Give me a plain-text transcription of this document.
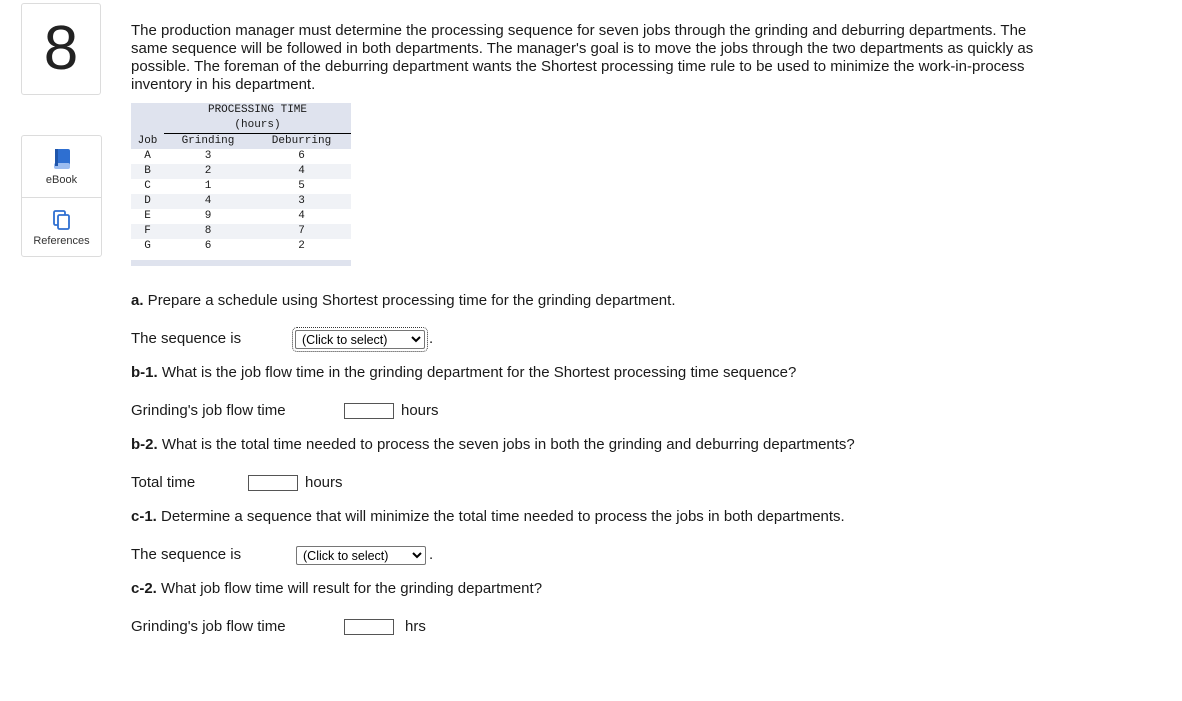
8
eBook
References

The production manager must determine the processing sequence for seven jobs through the grinding and deburring departments. The same sequence will be followed in both departments. The manager's goal is to move the jobs through the two departments as quickly as possible. The foreman of the deburring department wants the Shortest processing time rule to be used to minimize the work-in-process inventory in his department.

	PROCESSING TIME
(hours)	

Job	Grinding	Deburring
A	3	6
B	2	4
C	1	5
D	4	3
E	9	4
F	8	7
G	6	2

a. Prepare a schedule using Shortest processing time for the grinding department.
The sequence is
(Click to select)	.
b-1. What is the job flow time in the grinding department for the Shortest processing time sequence?
Grinding's job flow time	hours
b-2. What is the total time needed to process the seven jobs in both the grinding and deburring departments?
Total time	hours
c-1. Determine a sequence that will minimize the total time needed to process the jobs in both departments.
The sequence is
(Click to select)	.
c-2. What job flow time will result for the grinding department?
Grinding's job flow time	hrs
